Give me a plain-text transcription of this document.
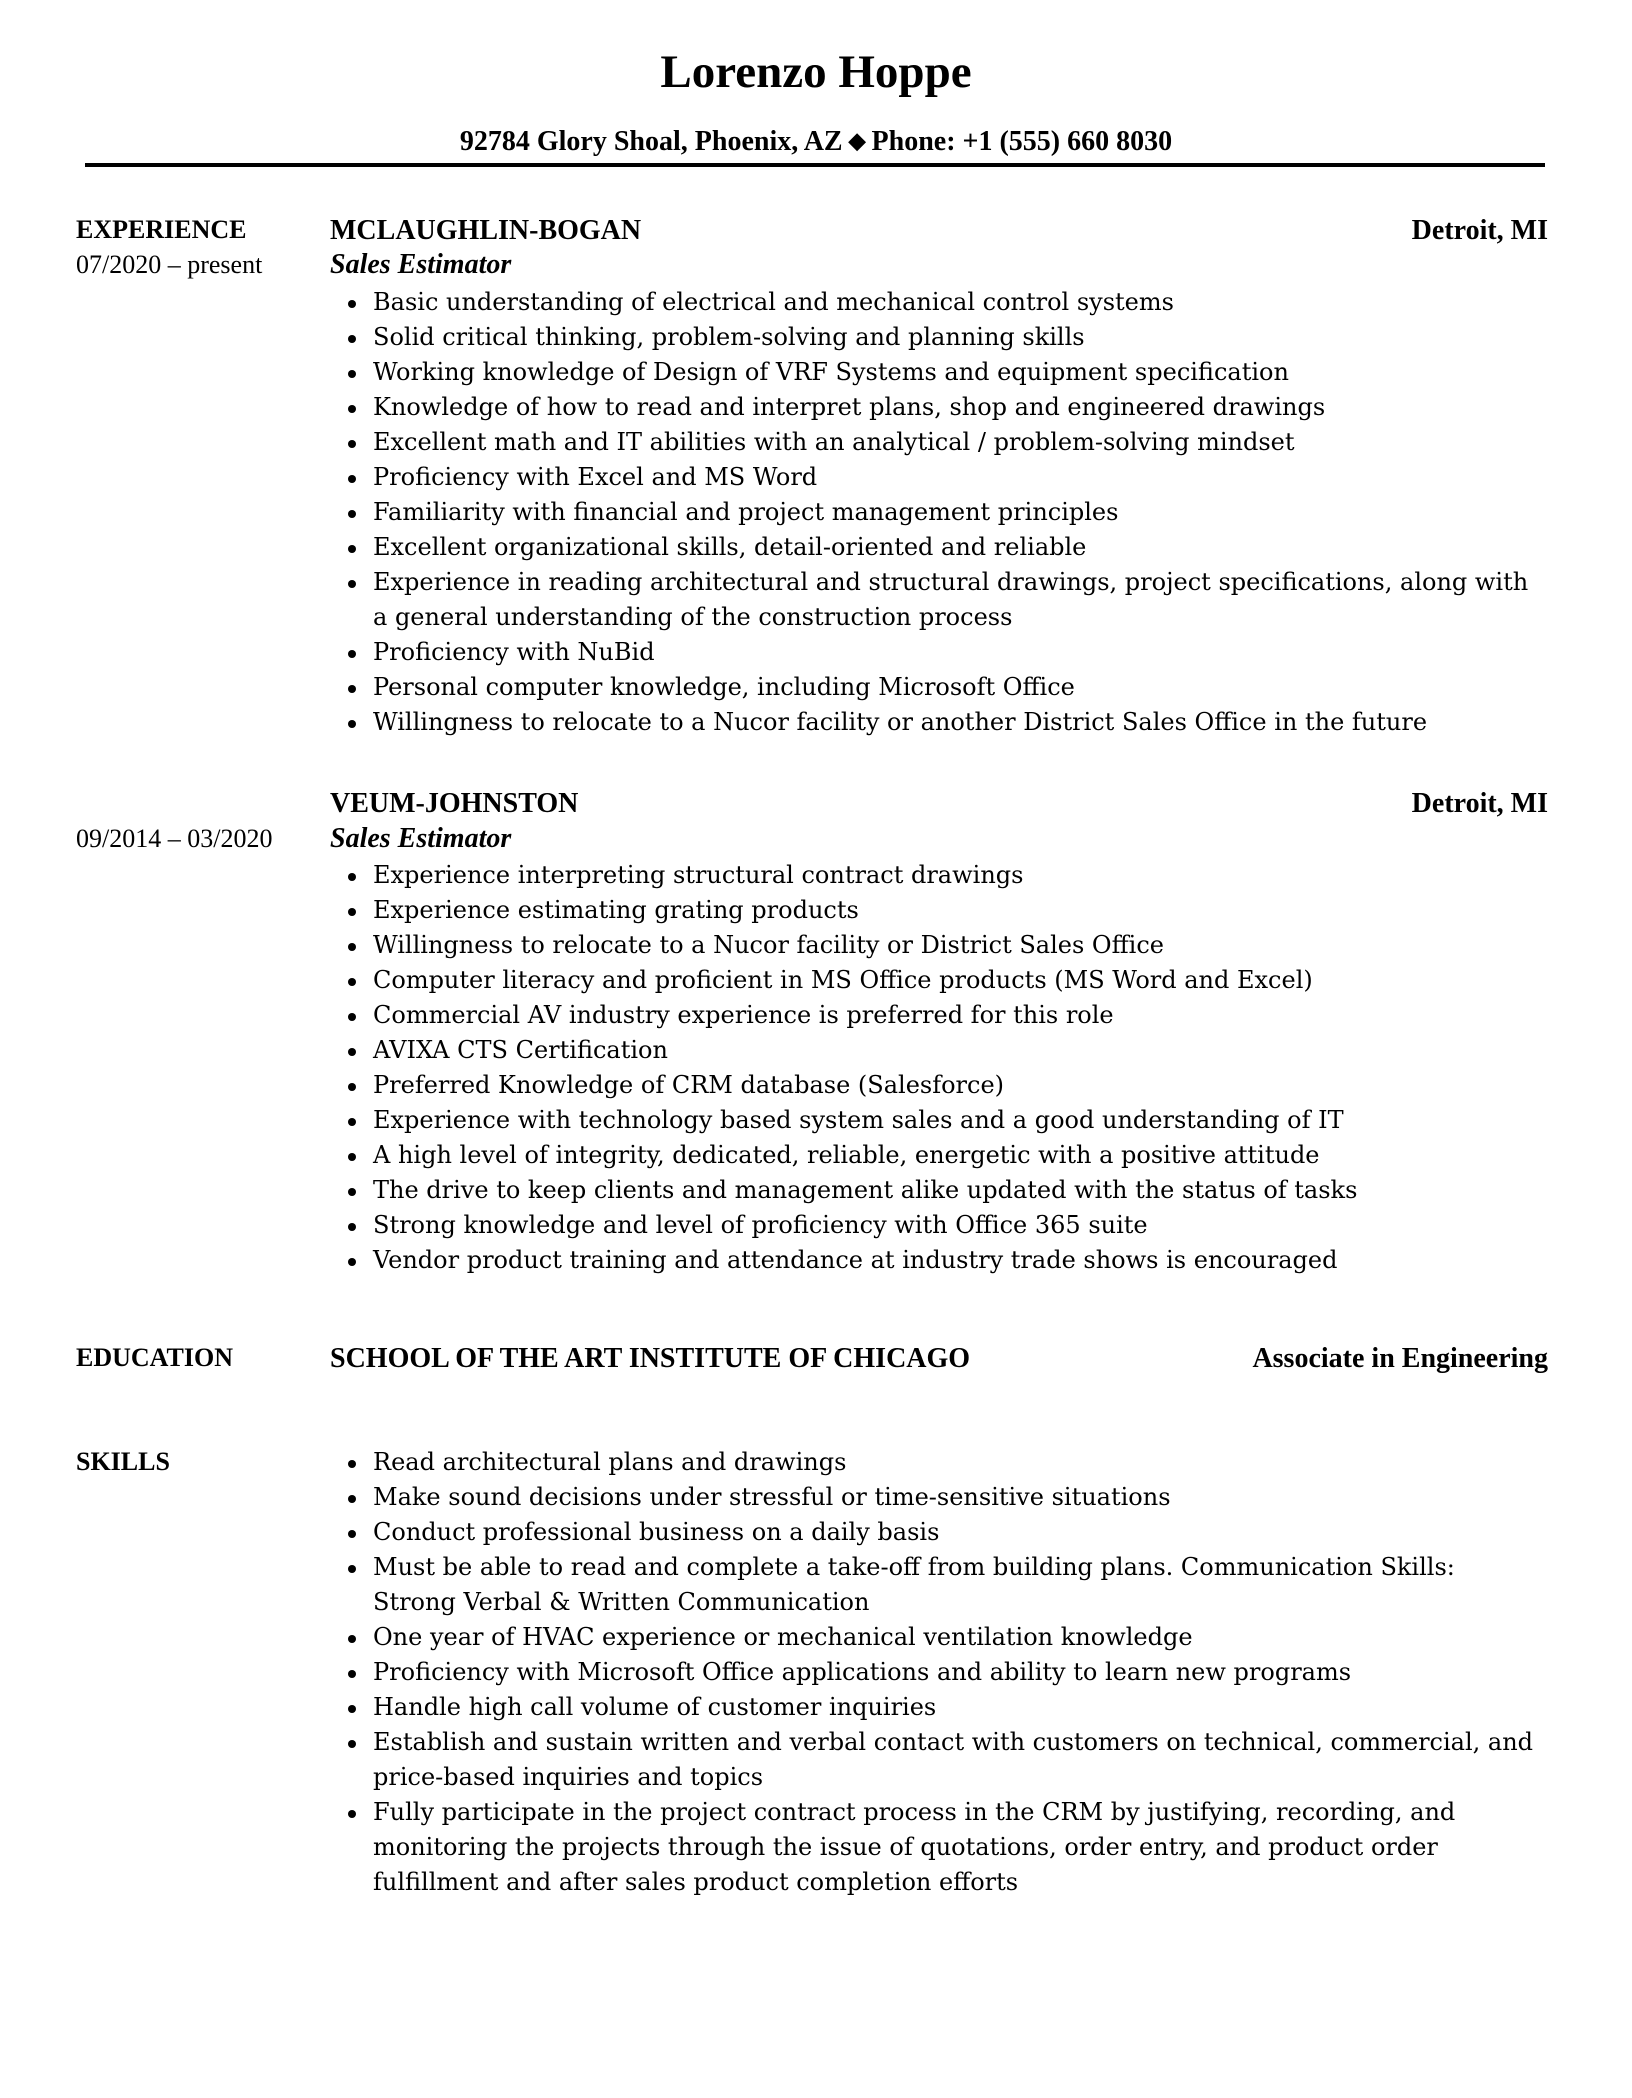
Lorenzo Hoppe
92784 Glory Shoal, Phoenix, AZ ◆ Phone: +1 (555) 660 8030
EXPERIENCE
07/2020 – present
MCLAUGHLIN-BOGAN	Detroit, MI
Sales Estimator
Basic understanding of electrical and mechanical control systems
Solid critical thinking, problem-solving and planning skills
Working knowledge of Design of VRF Systems and equipment specification
Knowledge of how to read and interpret plans, shop and engineered drawings
Excellent math and IT abilities with an analytical / problem-solving mindset
Proficiency with Excel and MS Word
Familiarity with financial and project management principles
Excellent organizational skills, detail-oriented and reliable
Experience in reading architectural and structural drawings, project specifications, along with a general understanding of the construction process
Proficiency with NuBid
Personal computer knowledge, including Microsoft Office
Willingness to relocate to a Nucor facility or another District Sales Office in the future
09/2014 – 03/2020
VEUM-JOHNSTON	Detroit, MI
Sales Estimator
Experience interpreting structural contract drawings
Experience estimating grating products
Willingness to relocate to a Nucor facility or District Sales Office
Computer literacy and proficient in MS Office products (MS Word and Excel)
Commercial AV industry experience is preferred for this role
AVIXA CTS Certification
Preferred Knowledge of CRM database (Salesforce)
Experience with technology based system sales and a good understanding of IT
A high level of integrity, dedicated, reliable, energetic with a positive attitude
The drive to keep clients and management alike updated with the status of tasks
Strong knowledge and level of proficiency with Office 365 suite
Vendor product training and attendance at industry trade shows is encouraged
EDUCATION	SCHOOL OF THE ART INSTITUTE OF CHICAGO	Associate in Engineering
SKILLS	Read architectural plans and drawings
Make sound decisions under stressful or time-sensitive situations
Conduct professional business on a daily basis
Must be able to read and complete a take-off from building plans. Communication Skills: Strong Verbal & Written Communication
One year of HVAC experience or mechanical ventilation knowledge
Proficiency with Microsoft Office applications and ability to learn new programs
Handle high call volume of customer inquiries
Establish and sustain written and verbal contact with customers on technical, commercial, and price-based inquiries and topics
Fully participate in the project contract process in the CRM by justifying, recording, and monitoring the projects through the issue of quotations, order entry, and product order fulfillment and after sales product completion efforts
